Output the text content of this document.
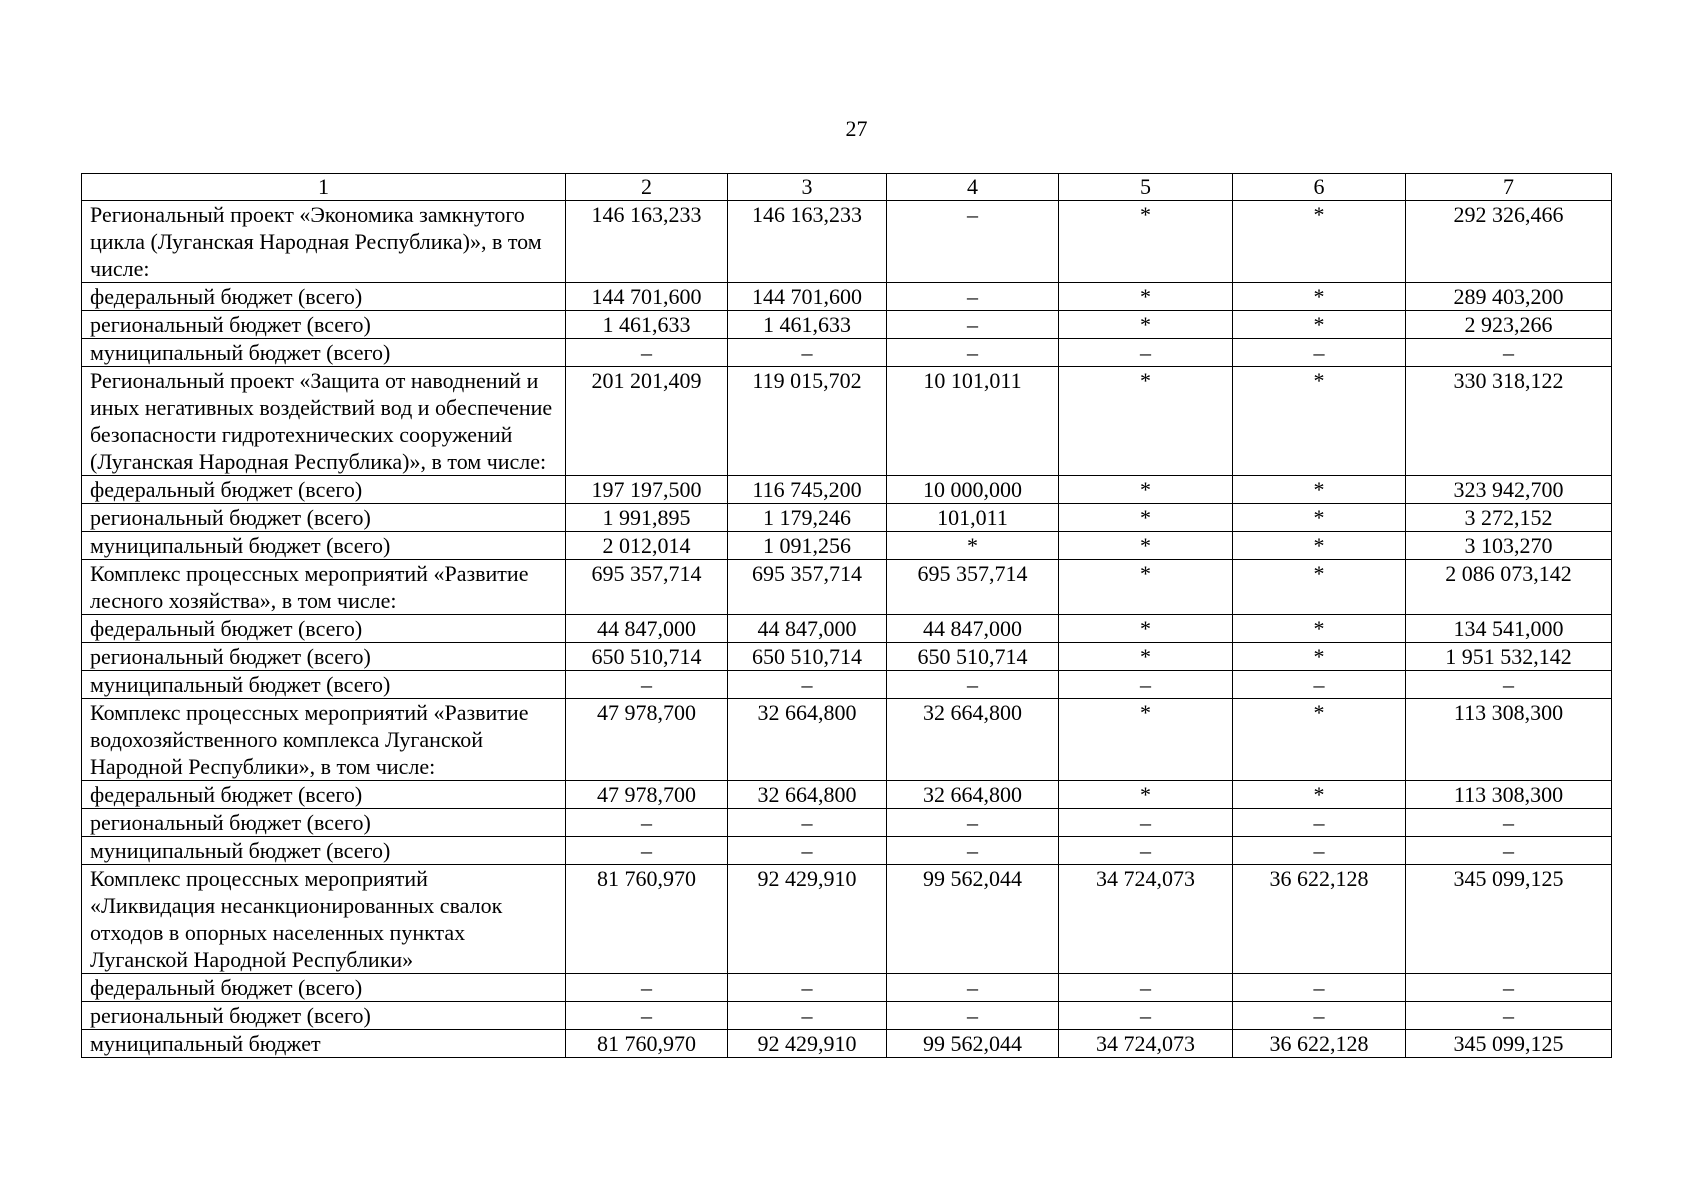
27
1	2	3	4	5	6	7
Региональный проект «Экономика замкнутого цикла (Луганская Народная Республика)», в том числе:	146 163,233	146 163,233	–	*	*	292 326,466
федеральный бюджет (всего)	144 701,600	144 701,600	–	*	*	289 403,200
региональный бюджет (всего)	1 461,633	1 461,633	–	*	*	2 923,266
муниципальный бюджет (всего)	–	–	–	–	–	–
Региональный проект «Защита от наводнений и иных негативных воздействий вод и обеспечение безопасности гидротехнических сооружений (Луганская Народная Республика)», в том числе:	201 201,409	119 015,702	10 101,011	*	*	330 318,122
федеральный бюджет (всего)	197 197,500	116 745,200	10 000,000	*	*	323 942,700
региональный бюджет (всего)	1 991,895	1 179,246	101,011	*	*	3 272,152
муниципальный бюджет (всего)	2 012,014	1 091,256	*	*	*	3 103,270
Комплекс процессных мероприятий «Развитие лесного хозяйства», в том числе:	695 357,714	695 357,714	695 357,714	*	*	2 086 073,142
федеральный бюджет (всего)	44 847,000	44 847,000	44 847,000	*	*	134 541,000
региональный бюджет (всего)	650 510,714	650 510,714	650 510,714	*	*	1 951 532,142
муниципальный бюджет (всего)	–	–	–	–	–	–
Комплекс процессных мероприятий «Развитие водохозяйственного комплекса Луганской Народной Республики», в том числе:	47 978,700	32 664,800	32 664,800	*	*	113 308,300
федеральный бюджет (всего)	47 978,700	32 664,800	32 664,800	*	*	113 308,300
региональный бюджет (всего)	–	–	–	–	–	–
муниципальный бюджет (всего)	–	–	–	–	–	–
Комплекс процессных мероприятий «Ликвидация несанкционированных свалок отходов в опорных населенных пунктах Луганской Народной Республики»	81 760,970	92 429,910	99 562,044	34 724,073	36 622,128	345 099,125
федеральный бюджет (всего)	–	–	–	–	–	–
региональный бюджет (всего)	–	–	–	–	–	–
муниципальный бюджет	81 760,970	92 429,910	99 562,044	34 724,073	36 622,128	345 099,125
